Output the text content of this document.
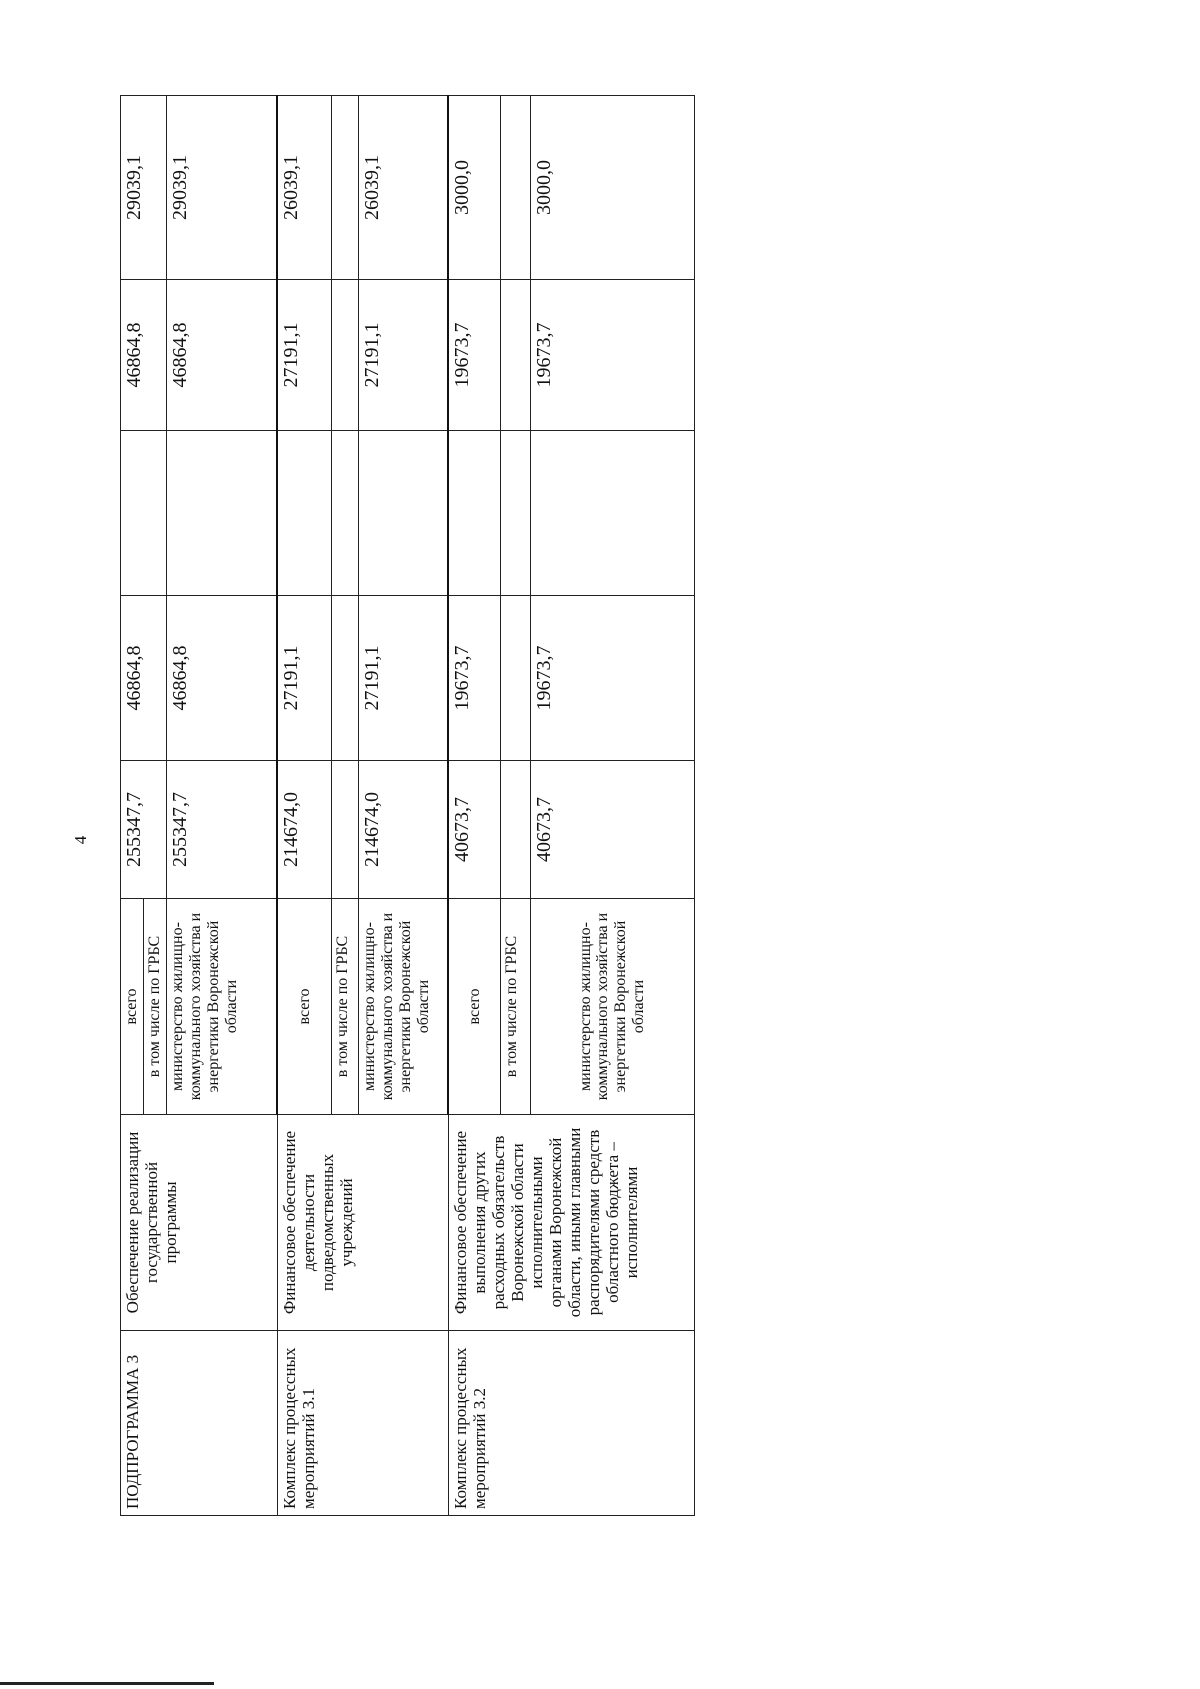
4
ПОДПРОГРАММА 3	Обеспечение реализации государственной программы	всего	255347,7	46864,8		46864,8	29039,1
		в том числе по ГРБС					
		министерство жилищно-коммунального хозяйства и энергетики Воронежской области	255347,7	46864,8		46864,8	29039,1
Комплекс процессных мероприятий 3.1	Финансовое обеспечение деятельности подведомственных учреждений	всего	214674,0	27191,1		27191,1	26039,1
		в том числе по ГРБС					
		министерство жилищно-коммунального хозяйства и энергетики Воронежской области	214674,0	27191,1		27191,1	26039,1
Комплекс процессных мероприятий 3.2	Финансовое обеспечение выполнения других расходных обязательств Воронежской области исполнительными органами Воронежской области, иными главными распорядителями средств областного бюджета – исполнителями	всего	40673,7	19673,7		19673,7	3000,0
		в том числе по ГРБС					
		министерство жилищно-коммунального хозяйства и энергетики Воронежской области	40673,7	19673,7		19673,7	3000,0
